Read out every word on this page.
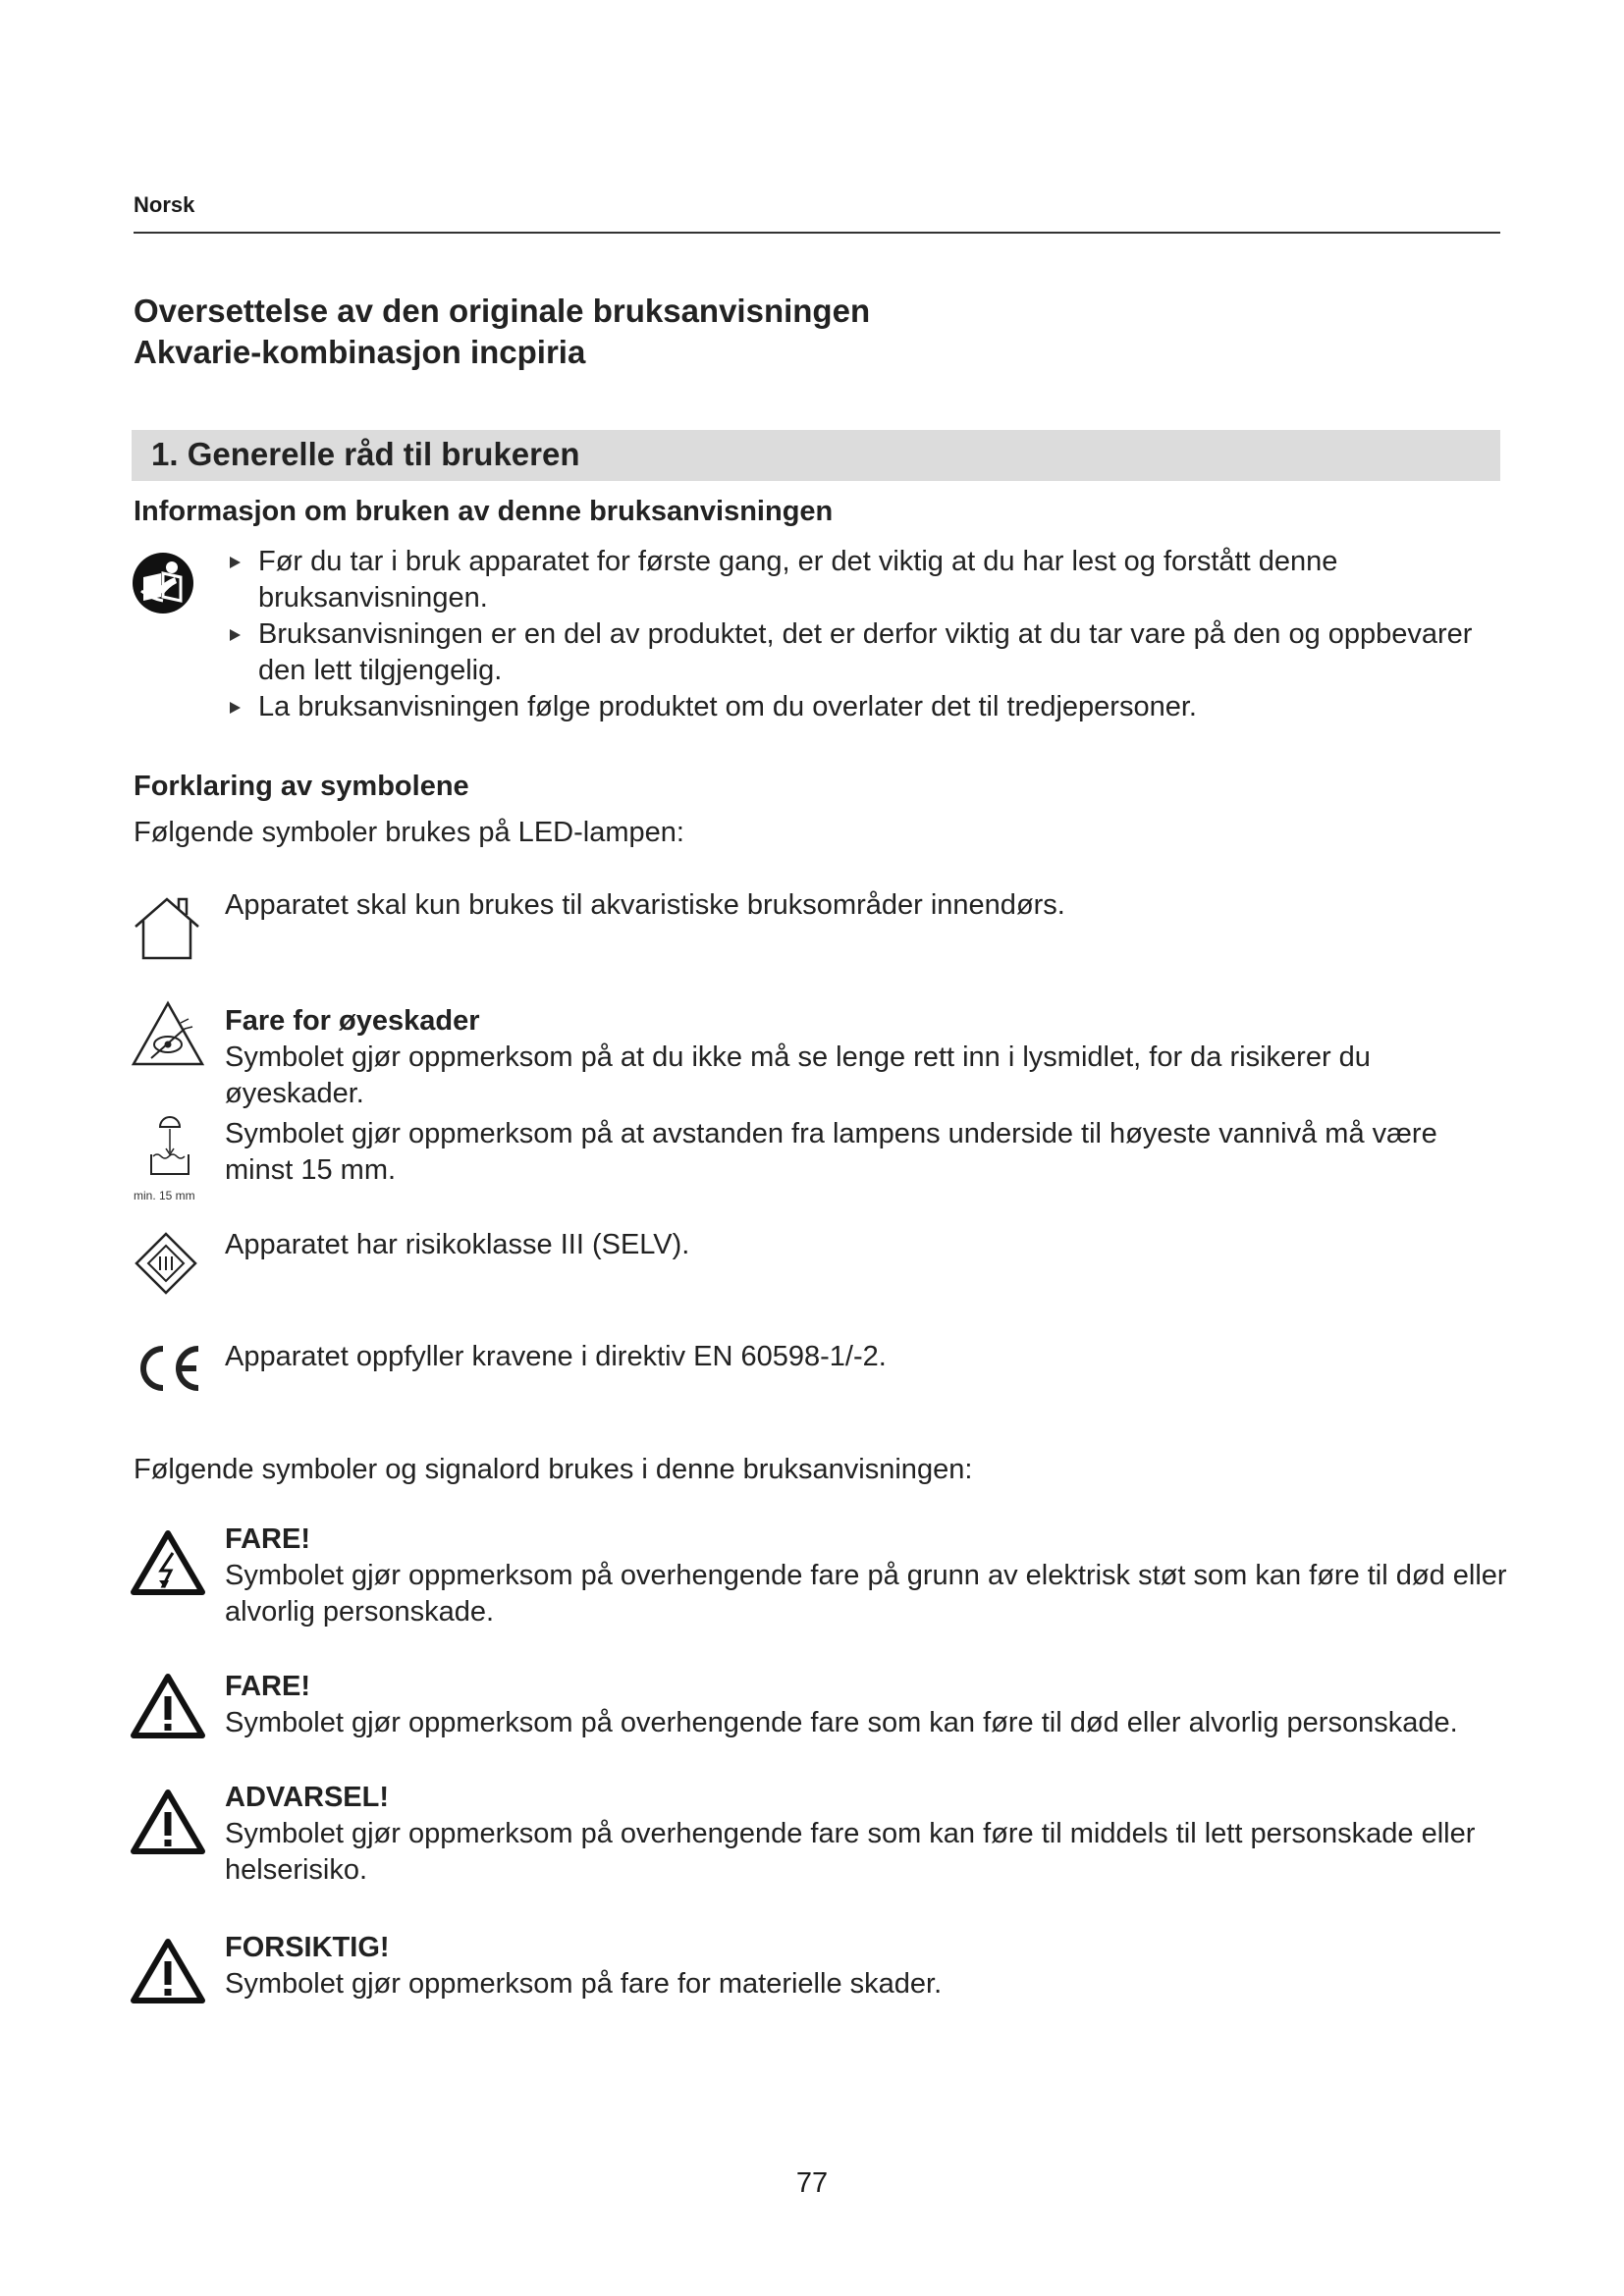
Norsk
Oversettelse av den originale bruksanvisningen
Akvarie-kombinasjon incpiria
1. Generelle råd til brukeren
Informasjon om bruken av denne bruksanvisningen
Før du tar i bruk apparatet for første gang, er det viktig at du har lest og forstått denne bruksanvisningen.
Bruksanvisningen er en del av produktet, det er derfor viktig at du tar vare på den og oppbevarer den lett tilgjengelig.
La bruksanvisningen følge produktet om du overlater det til tredjepersoner.
Forklaring av symbolene
Følgende symboler brukes på LED-lampen:
Apparatet skal kun brukes til akvaristiske bruksområder innendørs.
Fare for øyeskader
Symbolet gjør oppmerksom på at du ikke må se lenge rett inn i lysmidlet, for da risikerer du øyeskader.
min. 15 mm
Symbolet gjør oppmerksom på at avstanden fra lampens underside til høyeste vannivå må være minst 15 mm.
Apparatet har risikoklasse III (SELV).
Apparatet oppfyller kravene i direktiv EN 60598-1/-2.
Følgende symboler og signalord brukes i denne bruksanvisningen:
FARE!
Symbolet gjør oppmerksom på overhengende fare på grunn av elektrisk støt som kan føre til død eller alvorlig personskade.
FARE!
Symbolet gjør oppmerksom på overhengende fare som kan føre til død eller alvorlig personskade.
ADVARSEL!
Symbolet gjør oppmerksom på overhengende fare som kan føre til middels til lett personskade eller helserisiko.
FORSIKTIG!
Symbolet gjør oppmerksom på fare for materielle skader.
77
